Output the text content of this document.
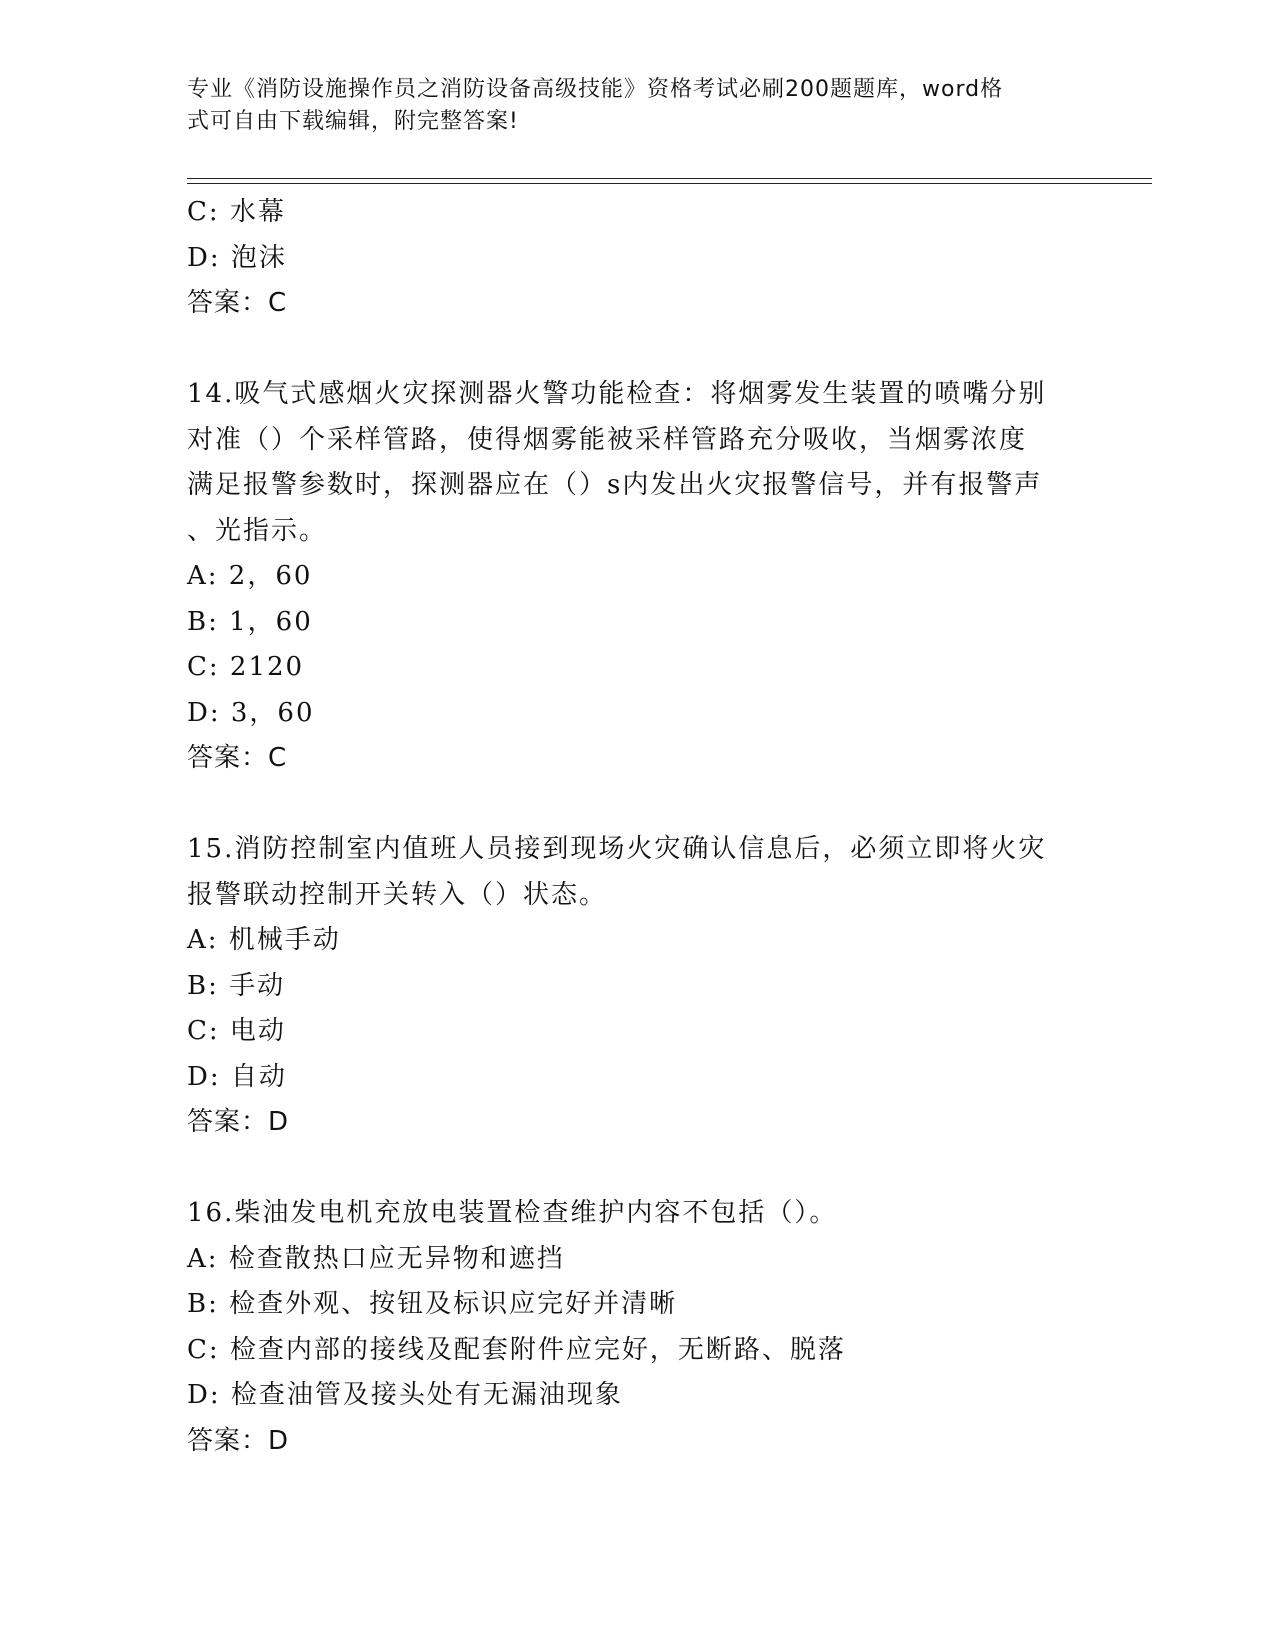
专业《消防设施操作员之消防设备高级技能》资格考试必刷200题题库，word格
式可自由下载编辑，附完整答案!
C: 水幕
D: 泡沫
答案：C
14.吸气式感烟火灾探测器火警功能检查：将烟雾发生装置的喷嘴分别
对准（）个采样管路，使得烟雾能被采样管路充分吸收，当烟雾浓度
满足报警参数时，探测器应在（）s内发出火灾报警信号，并有报警声
、光指示。
A: 2，60
B: 1，60
C: 2120
D: 3，60
答案：C
15.消防控制室内值班人员接到现场火灾确认信息后，必须立即将火灾
报警联动控制开关转入（）状态。
A: 机械手动
B: 手动
C: 电动
D: 自动
答案：D
16.柴油发电机充放电装置检查维护内容不包括（）。
A: 检查散热口应无异物和遮挡
B: 检查外观、按钮及标识应完好并清晰
C: 检查内部的接线及配套附件应完好，无断路、脱落
D: 检查油管及接头处有无漏油现象
答案：D
